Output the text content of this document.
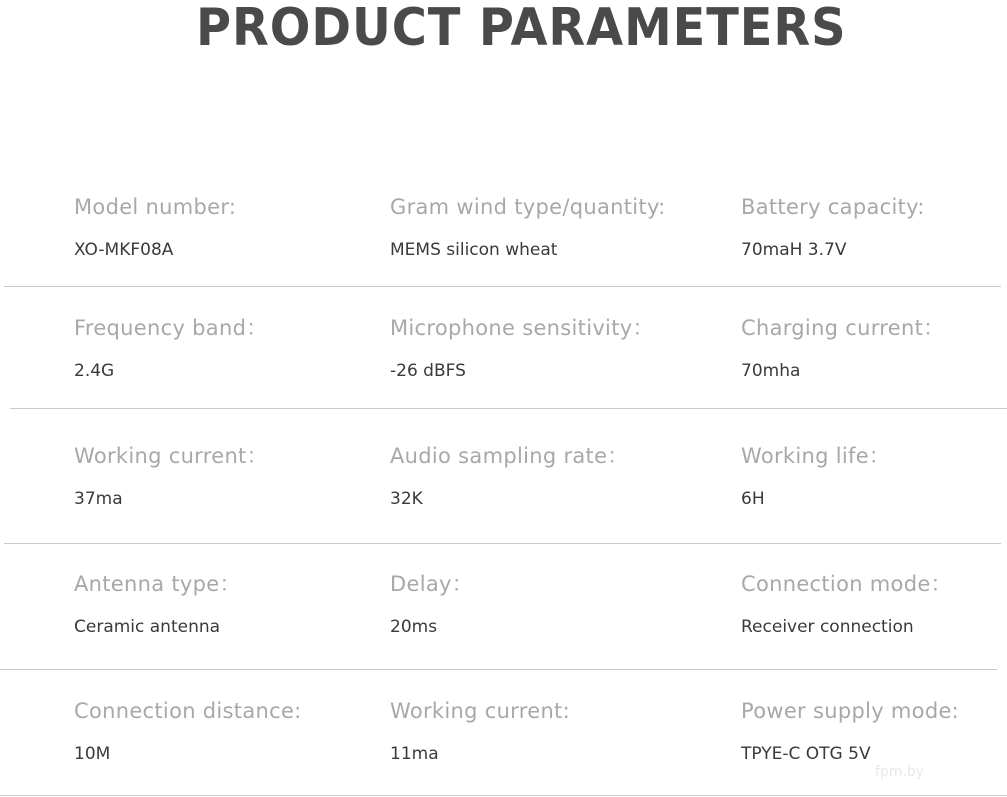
PRODUCT PARAMETERS
Model number:
XO-MKF08A
Gram wind type/quantity:
MEMS silicon wheat
Battery capacity:
70maH 3.7V
Frequency band：
2.4G
Microphone sensitivity：
-26 dBFS
Charging current：
70mha
Working current：
37ma
Audio sampling rate：
32K
Working life：
6H
Antenna type：
Ceramic antenna
Delay：
20ms
Connection mode：
Receiver connection
Connection distance:
10M
Working current:
11ma
Power supply mode:
TPYE-C OTG 5V
fpm.by
